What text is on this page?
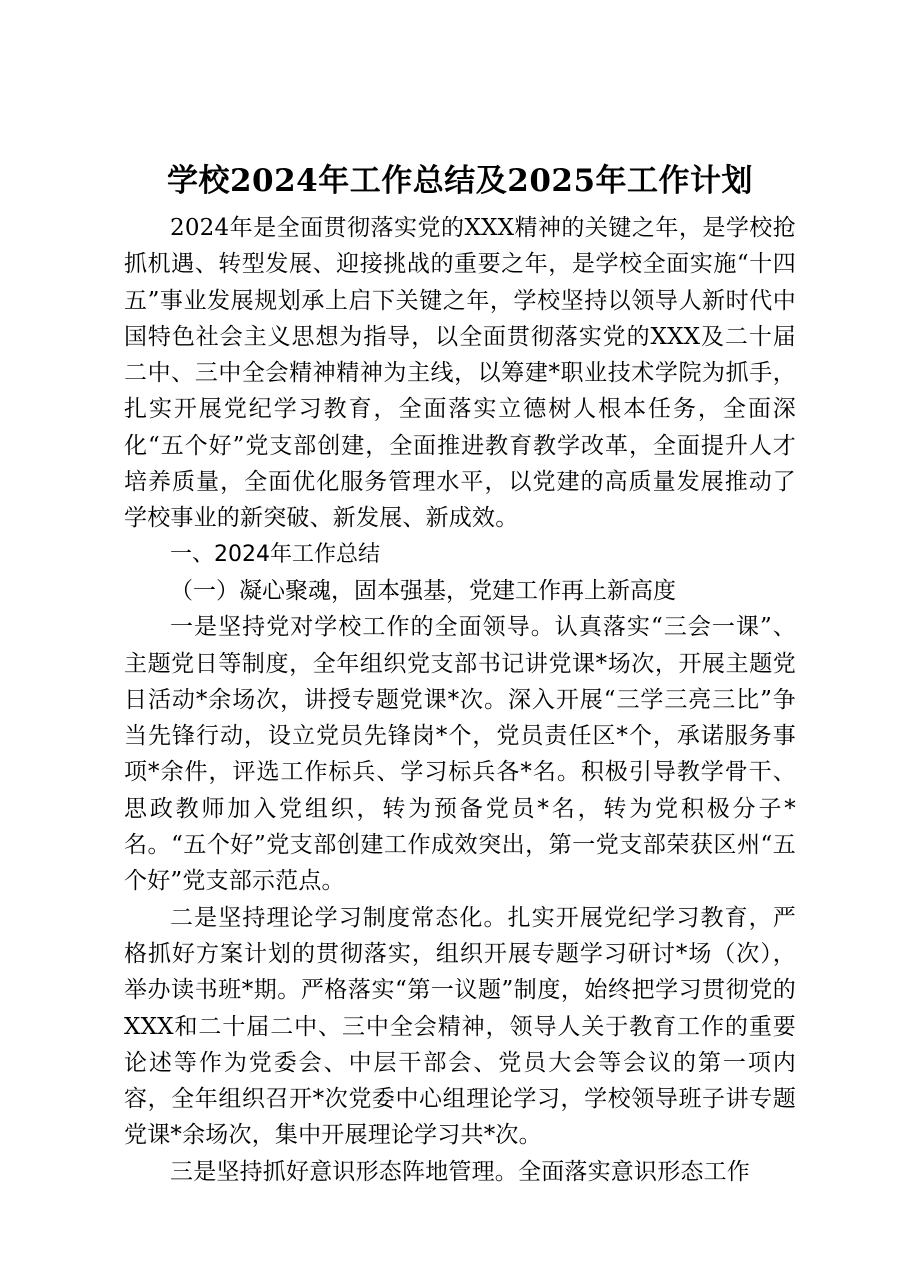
学校2024年工作总结及2025年工作计划

2024年是全面贯彻落实党的XXX精神的关键之年，是学校抢抓机遇、转型发展、迎接挑战的重要之年，是学校全面实施“十四五”事业发展规划承上启下关键之年，学校坚持以领导人新时代中国特色社会主义思想为指导，以全面贯彻落实党的XXX及二十届二中、三中全会精神精神为主线，以筹建*职业技术学院为抓手，扎实开展党纪学习教育，全面落实立德树人根本任务，全面深化“五个好”党支部创建，全面推进教育教学改革，全面提升人才培养质量，全面优化服务管理水平，以党建的高质量发展推动了学校事业的新突破、新发展、新成效。

一、2024年工作总结

（一）凝心聚魂，固本强基，党建工作再上新高度

一是坚持党对学校工作的全面领导。认真落实“三会一课”、主题党日等制度，全年组织党支部书记讲党课*场次，开展主题党日活动*余场次，讲授专题党课*次。深入开展“三学三亮三比”争当先锋行动，设立党员先锋岗*个，党员责任区*个，承诺服务事项*余件，评选工作标兵、学习标兵各*名。积极引导教学骨干、思政教师加入党组织，转为预备党员*名，转为党积极分子*名。“五个好”党支部创建工作成效突出，第一党支部荣获区州“五个好”党支部示范点。

二是坚持理论学习制度常态化。扎实开展党纪学习教育，严格抓好方案计划的贯彻落实，组织开展专题学习研讨*场（次），举办读书班*期。严格落实“第一议题”制度，始终把学习贯彻党的XXX和二十届二中、三中全会精神，领导人关于教育工作的重要论述等作为党委会、中层干部会、党员大会等会议的第一项内容，全年组织召开*次党委中心组理论学习，学校领导班子讲专题党课*余场次，集中开展理论学习共*次。

三是坚持抓好意识形态阵地管理。全面落实意识形态工作
